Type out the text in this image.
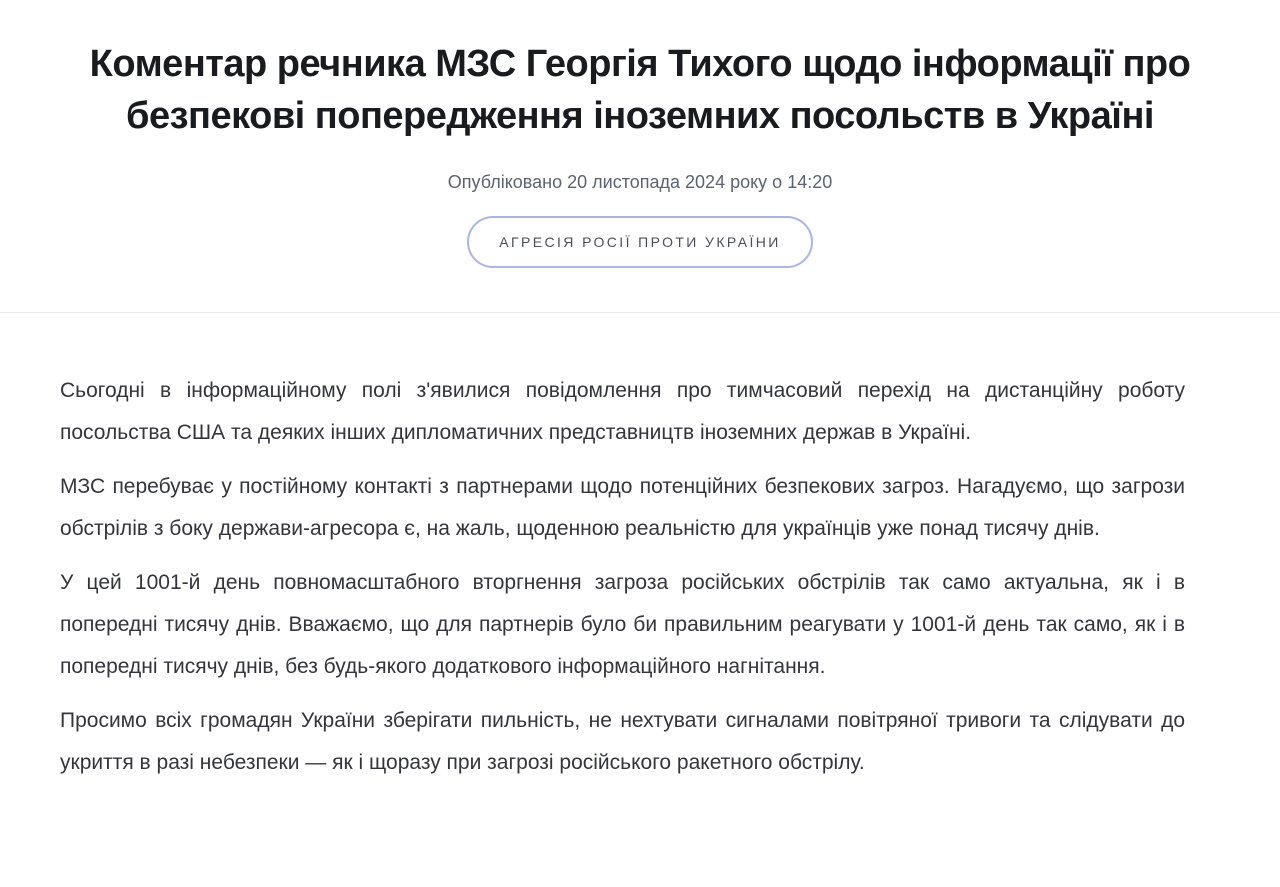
Коментар речника МЗС Георгія Тихого щодо інформації про безпекові попередження іноземних посольств в Україні

Опубліковано 20 листопада 2024 року о 14:20

АГРЕСІЯ РОСІЇ ПРОТИ УКРАЇНИ

Сьогодні в інформаційному полі з'явилися повідомлення про тимчасовий перехід на дистанційну роботу посольства США та деяких інших дипломатичних представництв іноземних держав в Україні.

МЗС перебуває у постійному контакті з партнерами щодо потенційних безпекових загроз. Нагадуємо, що загрози обстрілів з боку держави-агресора є, на жаль, щоденною реальністю для українців уже понад тисячу днів.

У цей 1001-й день повномасштабного вторгнення загроза російських обстрілів так само актуальна, як і в попередні тисячу днів. Вважаємо, що для партнерів було би правильним реагувати у 1001-й день так само, як і в попередні тисячу днів, без будь-якого додаткового інформаційного нагнітання.

Просимо всіх громадян України зберігати пильність, не нехтувати сигналами повітряної тривоги та слідувати до укриття в разі небезпеки — як і щоразу при загрозі російського ракетного обстрілу.
